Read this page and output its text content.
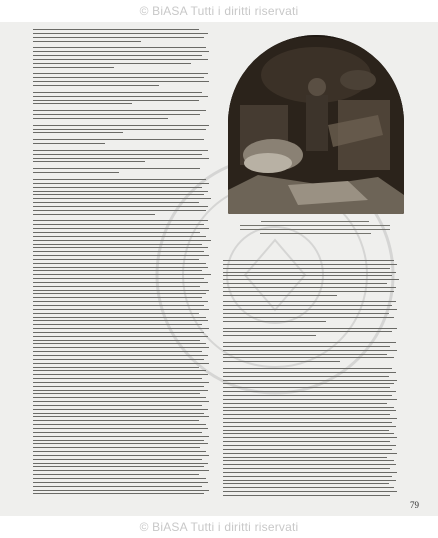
© BiASA Tutti i diritti riservati
79
© BiASA Tutti i diritti riservati
